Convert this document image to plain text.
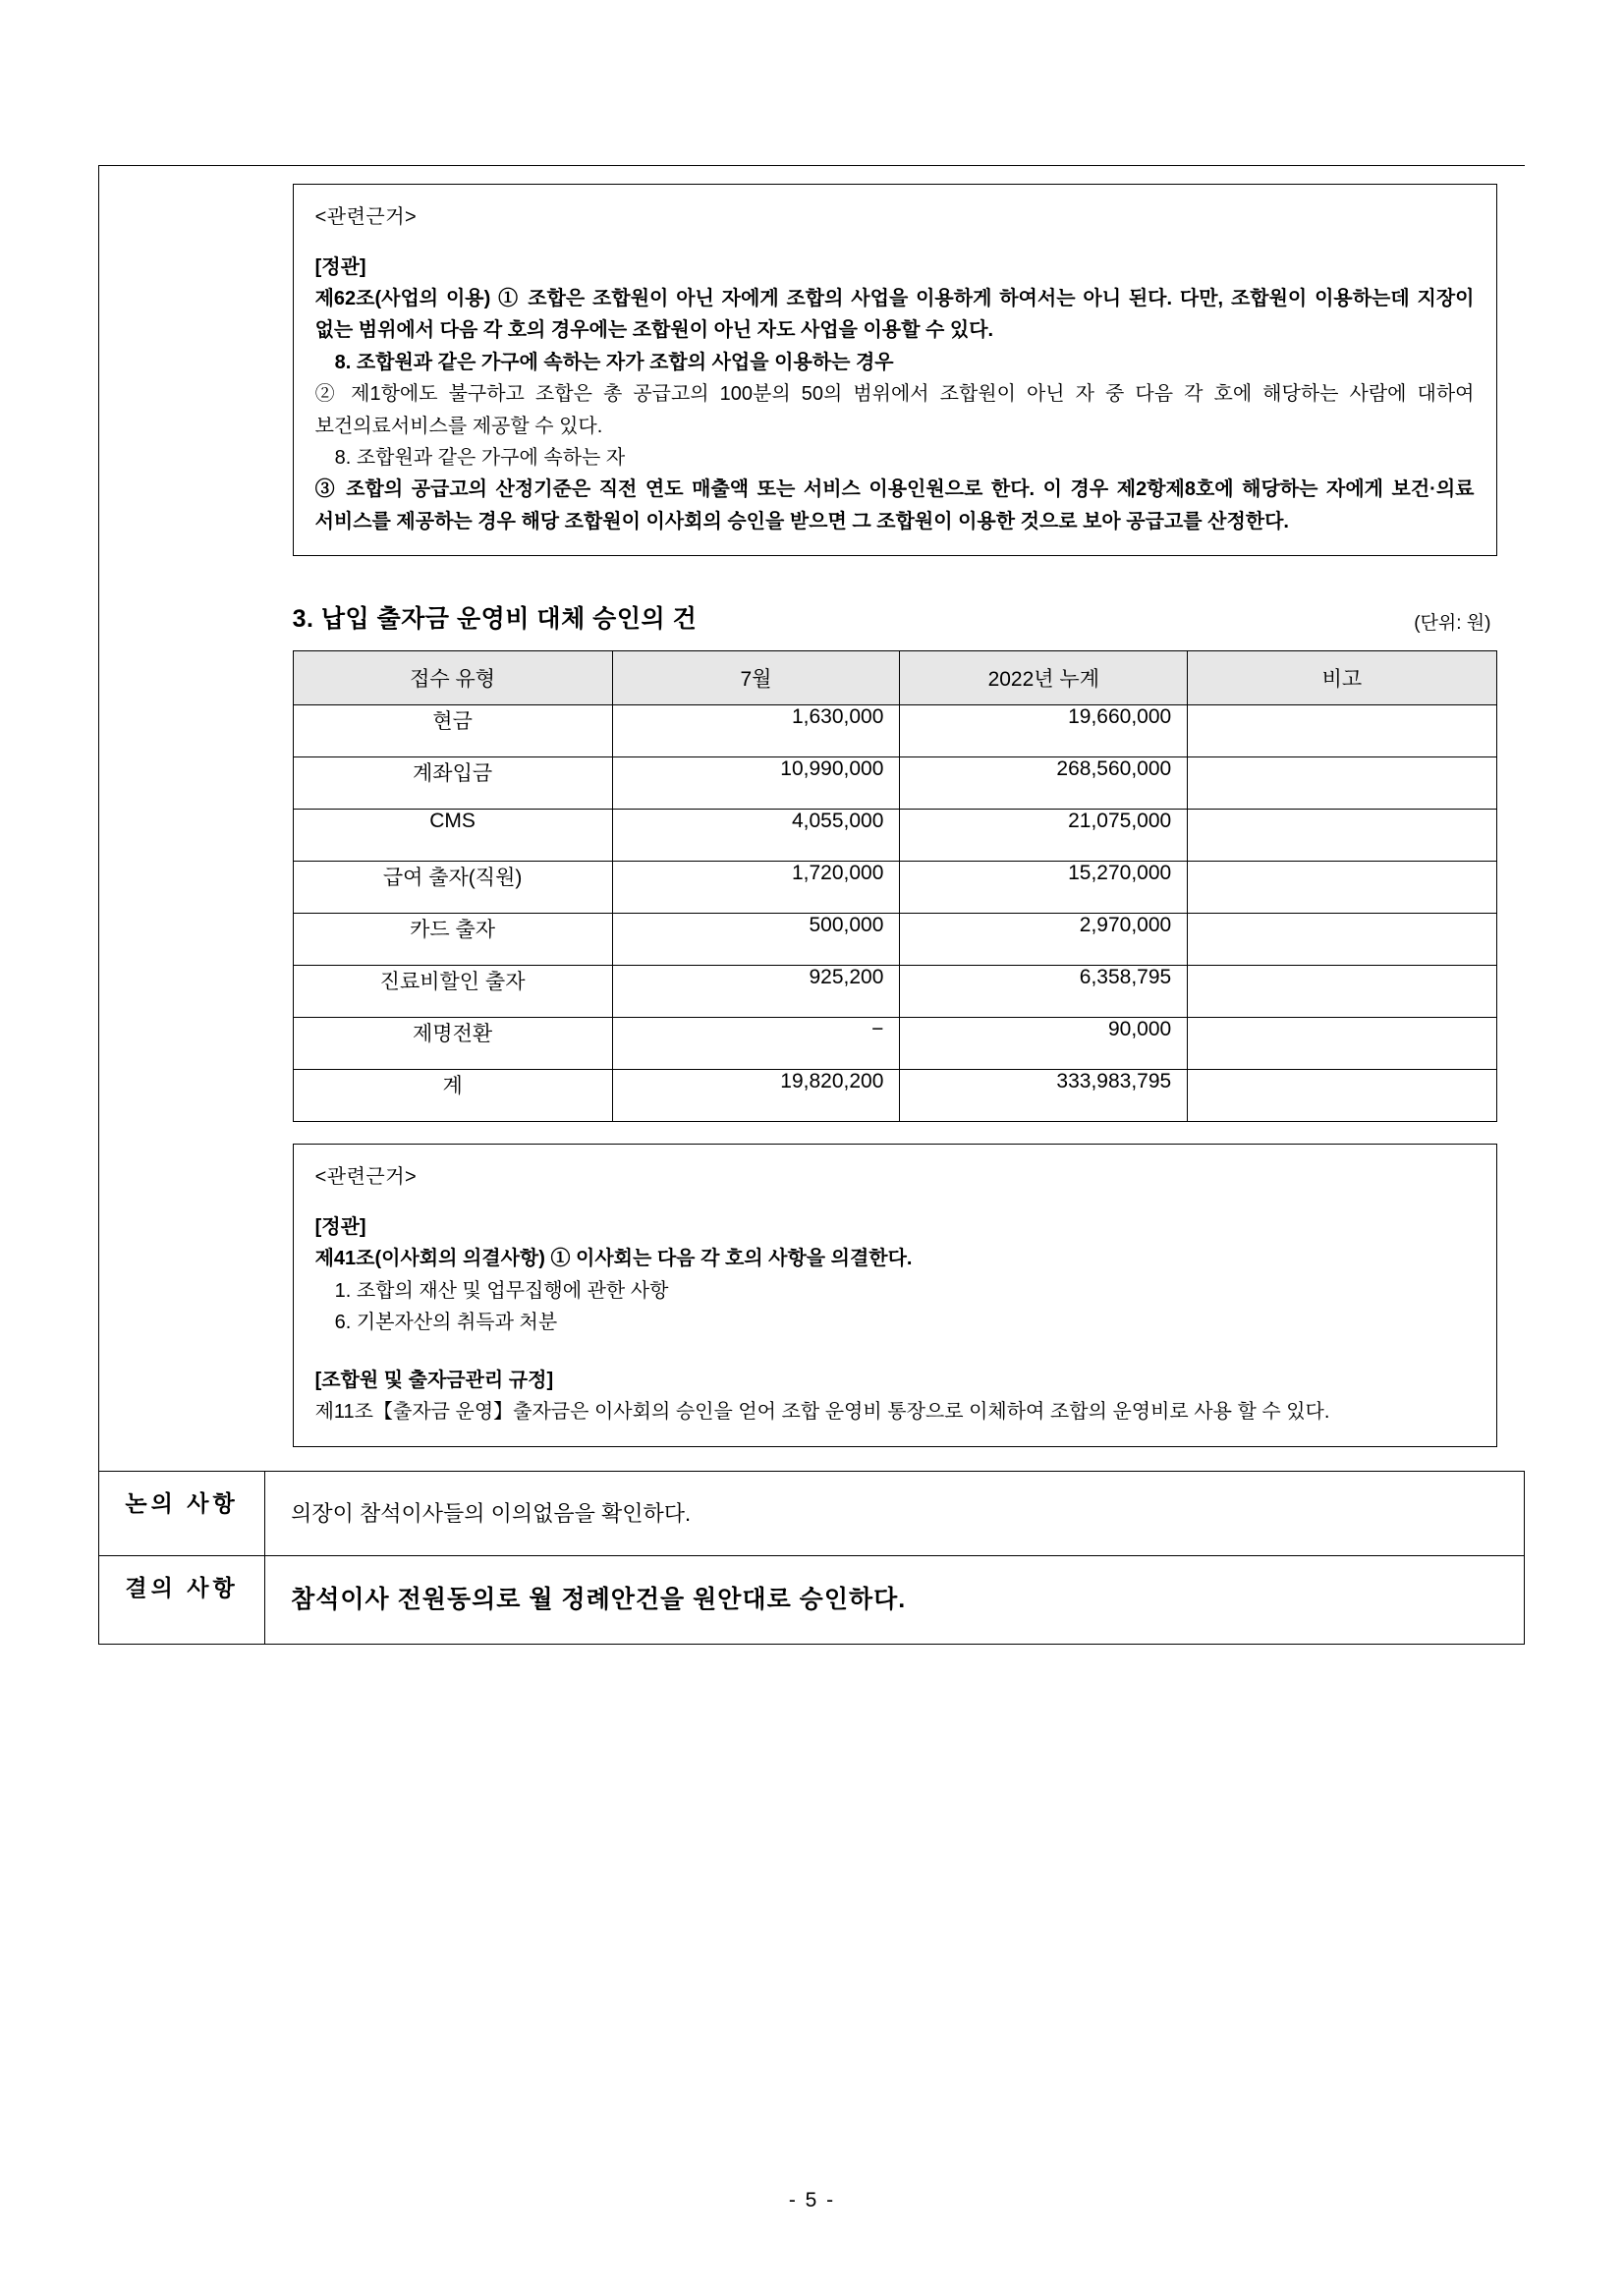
<관련근거>
[정관]
제62조(사업의 이용) ① 조합은 조합원이 아닌 자에게 조합의 사업을 이용하게 하여서는 아니 된다. 다만, 조합원이 이용하는데 지장이 없는 범위에서 다음 각 호의 경우에는 조합원이 아닌 자도 사업을 이용할 수 있다.
8. 조합원과 같은 가구에 속하는 자가 조합의 사업을 이용하는 경우
② 제1항에도 불구하고 조합은 총 공급고의 100분의 50의 범위에서 조합원이 아닌 자 중 다음 각 호에 해당하는 사람에 대하여 보건의료서비스를 제공할 수 있다.
8. 조합원과 같은 가구에 속하는 자
③ 조합의 공급고의 산정기준은 직전 연도 매출액 또는 서비스 이용인원으로 한다. 이 경우 제2항제8호에 해당하는 자에게 보건·의료 서비스를 제공하는 경우 해당 조합원이 이사회의 승인을 받으면 그 조합원이 이용한 것으로 보아 공급고를 산정한다.
3. 납입 출자금 운영비 대체 승인의 건	(단위: 원)
접수 유형	7월	2022년 누계	비고
현금	1,630,000	19,660,000	
계좌입금	10,990,000	268,560,000	
CMS	4,055,000	21,075,000	
급여 출자(직원)	1,720,000	15,270,000	
카드 출자	500,000	2,970,000	
진료비할인 출자	925,200	6,358,795	
제명전환	−	90,000	
계	19,820,200	333,983,795	
<관련근거>
[정관]
제41조(이사회의 의결사항) ① 이사회는 다음 각 호의 사항을 의결한다.
1. 조합의 재산 및 업무집행에 관한 사항
6. 기본자산의 취득과 처분
[조합원 및 출자금관리 규정]
제11조【출자금 운영】출자금은 이사회의 승인을 얻어 조합 운영비 통장으로 이체하여 조합의 운영비로 사용 할 수 있다.

논의 사항	의장이 참석이사들의 이의없음을 확인하다.

결의 사항	참석이사 전원동의로 월 정례안건을 원안대로 승인하다.
- 5 -
